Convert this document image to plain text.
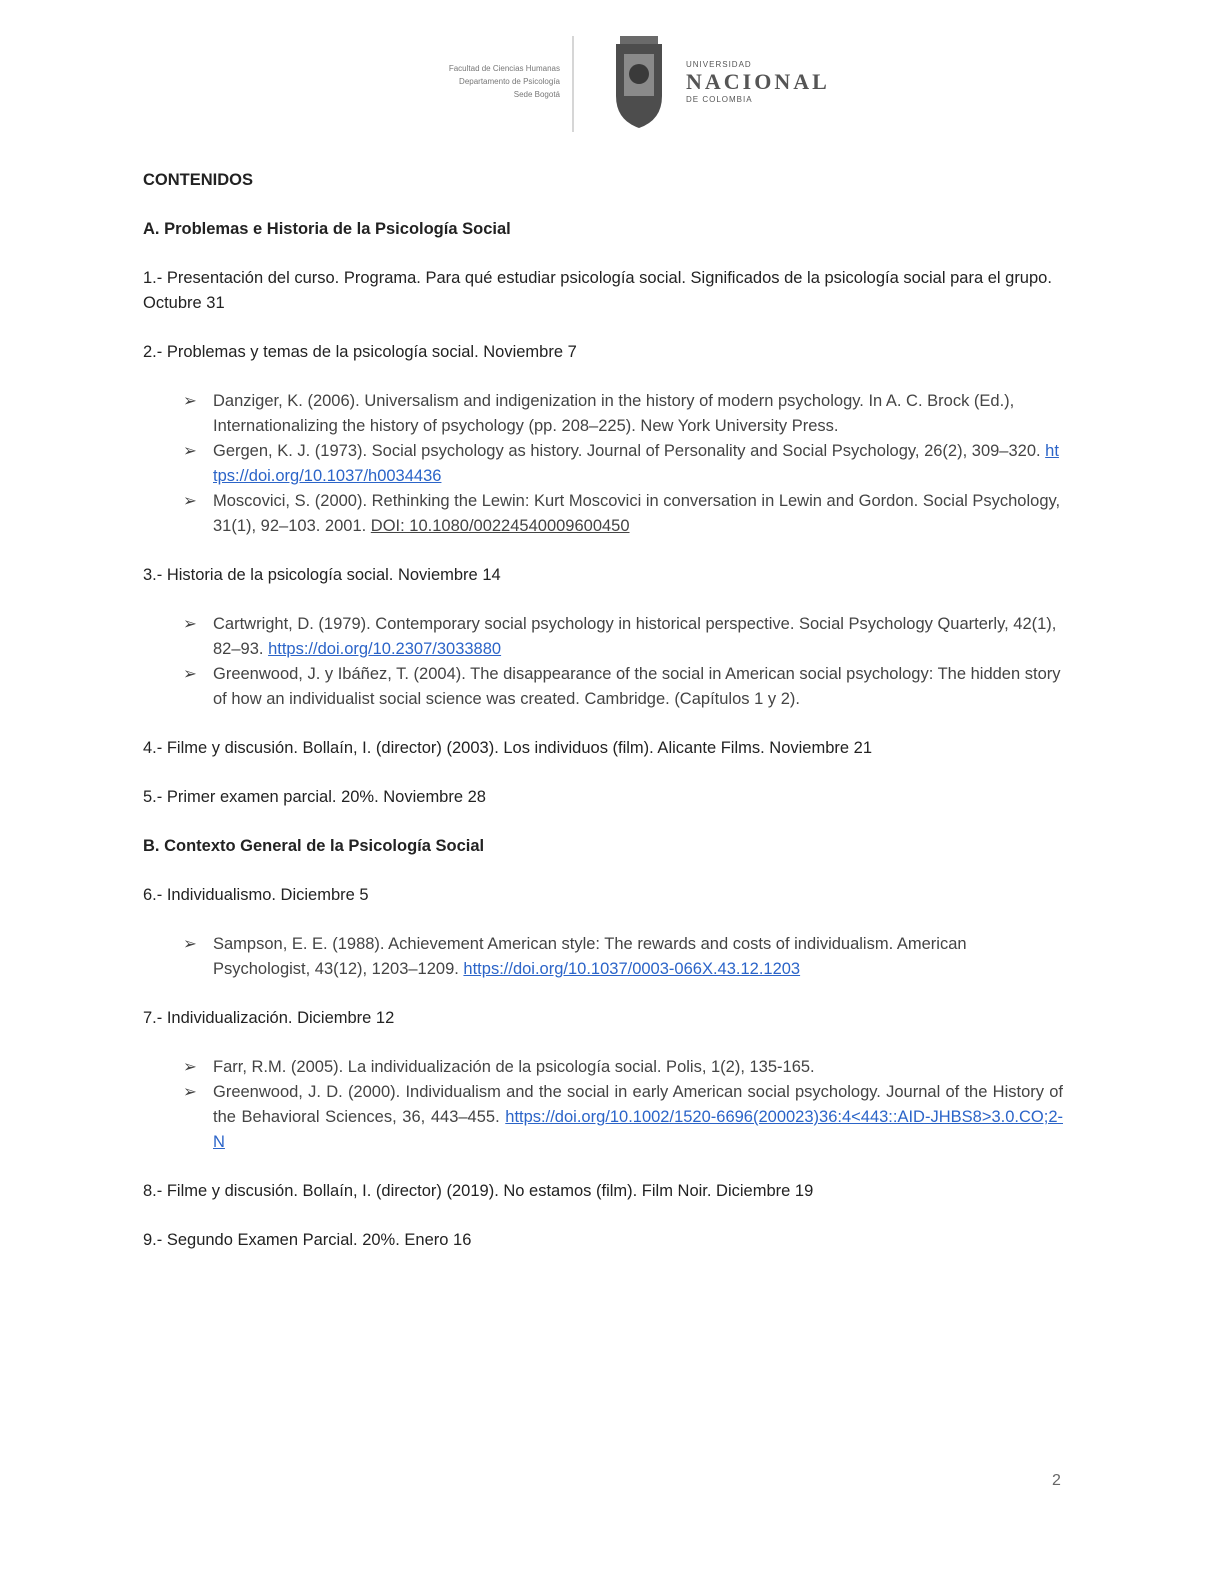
Facultad de Ciencias Humanas
Departamento de Psicología
Sede Bogotá
UNIVERSIDAD
NACIONAL
DE COLOMBIA

CONTENIDOS

A. Problemas e Historia de la Psicología Social

1.- Presentación del curso. Programa. Para qué estudiar psicología social. Significados de la psicología social para el grupo. Octubre 31

2.- Problemas y temas de la psicología social. Noviembre 7

➢ Danziger, K. (2006). Universalism and indigenization in the history of modern psychology. In A. C. Brock (Ed.), Internationalizing the history of psychology (pp. 208–225). New York University Press.
➢ Gergen, K. J. (1973). Social psychology as history. Journal of Personality and Social Psychology, 26(2), 309–320. https://doi.org/10.1037/h0034436
➢ Moscovici, S. (2000). Rethinking the Lewin: Kurt Moscovici in conversation in Lewin and Gordon. Social Psychology, 31(1), 92–103. 2001. DOI: 10.1080/00224540009600450

3.- Historia de la psicología social. Noviembre 14

➢ Cartwright, D. (1979). Contemporary social psychology in historical perspective. Social Psychology Quarterly, 42(1), 82–93. https://doi.org/10.2307/3033880
➢ Greenwood, J. y Ibáñez, T. (2004). The disappearance of the social in American social psychology: The hidden story of how an individualist social science was created. Cambridge. (Capítulos 1 y 2).

4.- Filme y discusión. Bollaín, I. (director) (2003). Los individuos (film). Alicante Films. Noviembre 21

5.- Primer examen parcial. 20%. Noviembre 28

B. Contexto General de la Psicología Social

6.- Individualismo. Diciembre 5

➢ Sampson, E. E. (1988). Achievement American style: The rewards and costs of individualism. American Psychologist, 43(12), 1203–1209. https://doi.org/10.1037/0003-066X.43.12.1203

7.- Individualización. Diciembre 12

➢ Farr, R.M. (2005). La individualización de la psicología social. Polis, 1(2), 135-165.
➢ Greenwood, J. D. (2000). Individualism and the social in early American social psychology. Journal of the History of the Behavioral Sciences, 36, 443–455. https://doi.org/10.1002/1520-6696(200023)36:4<443::AID-JHBS8>3.0.CO;2-N

8.- Filme y discusión. Bollaín, I. (director) (2019). No estamos (film). Film Noir. Diciembre 19

9.- Segundo Examen Parcial. 20%. Enero 16

2
